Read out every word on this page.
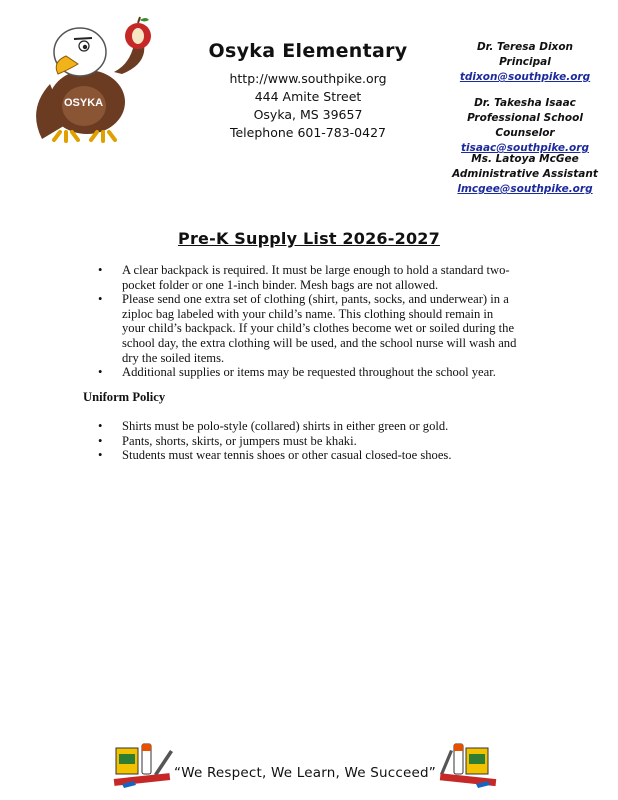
OSYKA
Osyka Elementary
http://www.southpike.org
444 Amite Street
Osyka, MS 39657
Telephone 601-783-0427
Dr. Teresa Dixon
Principal
tdixon@southpike.org
Dr. Takesha Isaac
Professional School Counselor
tisaac@southpike.org
Ms. Latoya McGee
Administrative Assistant
lmcgee@southpike.org
Pre-K Supply List 2026-2027
• A clear backpack is required. It must be large enough to hold a standard two-pocket folder or one 1-inch binder. Mesh bags are not allowed.
• Please send one extra set of clothing (shirt, pants, socks, and underwear) in a ziploc bag labeled with your child’s name. This clothing should remain in your child’s backpack. If your child’s clothes become wet or soiled during the school day, the extra clothing will be used, and the school nurse will wash and dry the soiled items.
• Additional supplies or items may be requested throughout the school year.
Uniform Policy
• Shirts must be polo-style (collared) shirts in either green or gold.
• Pants, shorts, skirts, or jumpers must be khaki.
• Students must wear tennis shoes or other casual closed-toe shoes.
“We Respect, We Learn, We Succeed”
